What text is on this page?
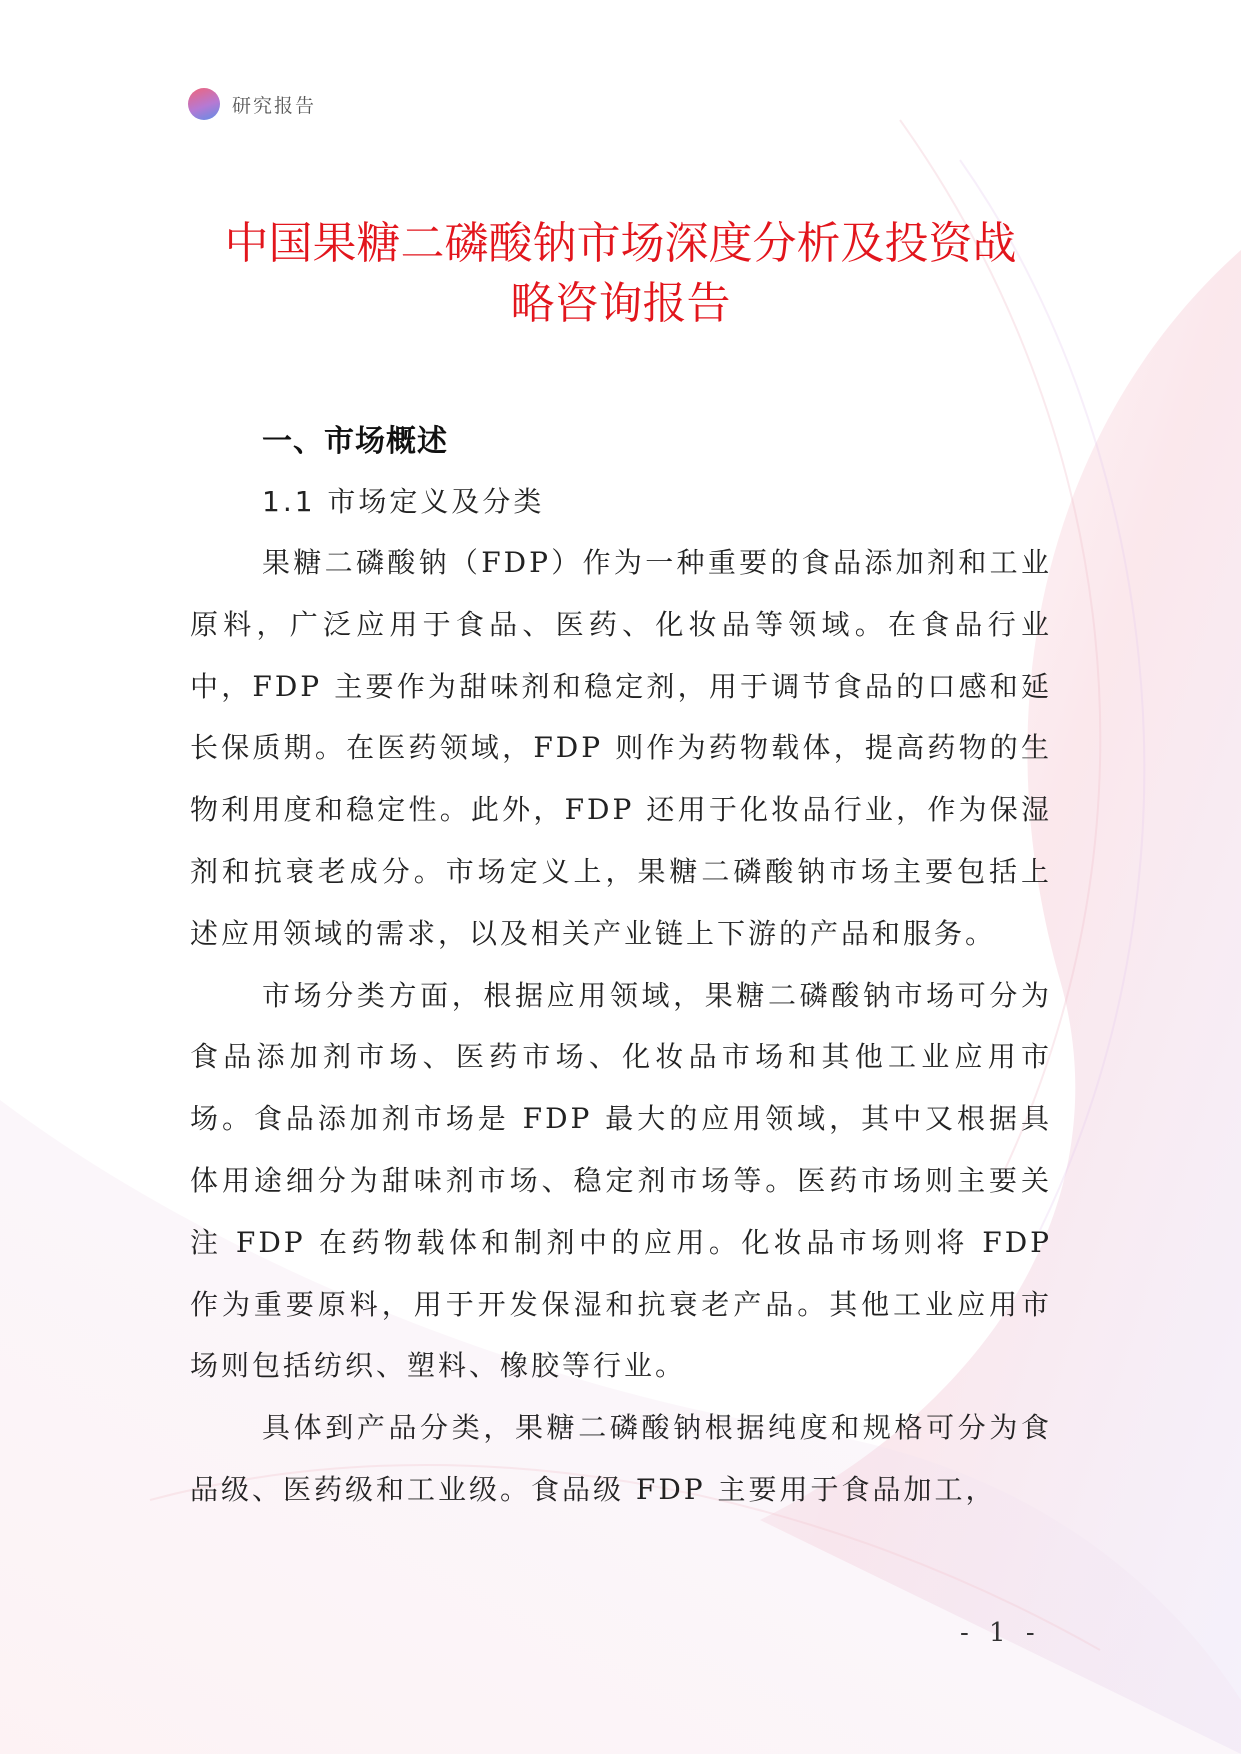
研究报告
中国果糖二磷酸钠市场深度分析及投资战
略咨询报告
一、市场概述
1.1 市场定义及分类

果糖二磷酸钠（FDP）作为一种重要的食品添加剂和工业原料，广泛应用于食品、医药、化妆品等领域。在食品行业中，FDP 主要作为甜味剂和稳定剂，用于调节食品的口感和延长保质期。在医药领域，FDP 则作为药物载体，提高药物的生物利用度和稳定性。此外，FDP 还用于化妆品行业，作为保湿剂和抗衰老成分。市场定义上，果糖二磷酸钠市场主要包括上述应用领域的需求，以及相关产业链上下游的产品和服务。

市场分类方面，根据应用领域，果糖二磷酸钠市场可分为食品添加剂市场、医药市场、化妆品市场和其他工业应用市场。食品添加剂市场是 FDP 最大的应用领域，其中又根据具体用途细分为甜味剂市场、稳定剂市场等。医药市场则主要关注 FDP 在药物载体和制剂中的应用。化妆品市场则将 FDP 作为重要原料，用于开发保湿和抗衰老产品。其他工业应用市场则包括纺织、塑料、橡胶等行业。

具体到产品分类，果糖二磷酸钠根据纯度和规格可分为食品级、医药级和工业级。食品级 FDP 主要用于食品加工，

- 1 -
